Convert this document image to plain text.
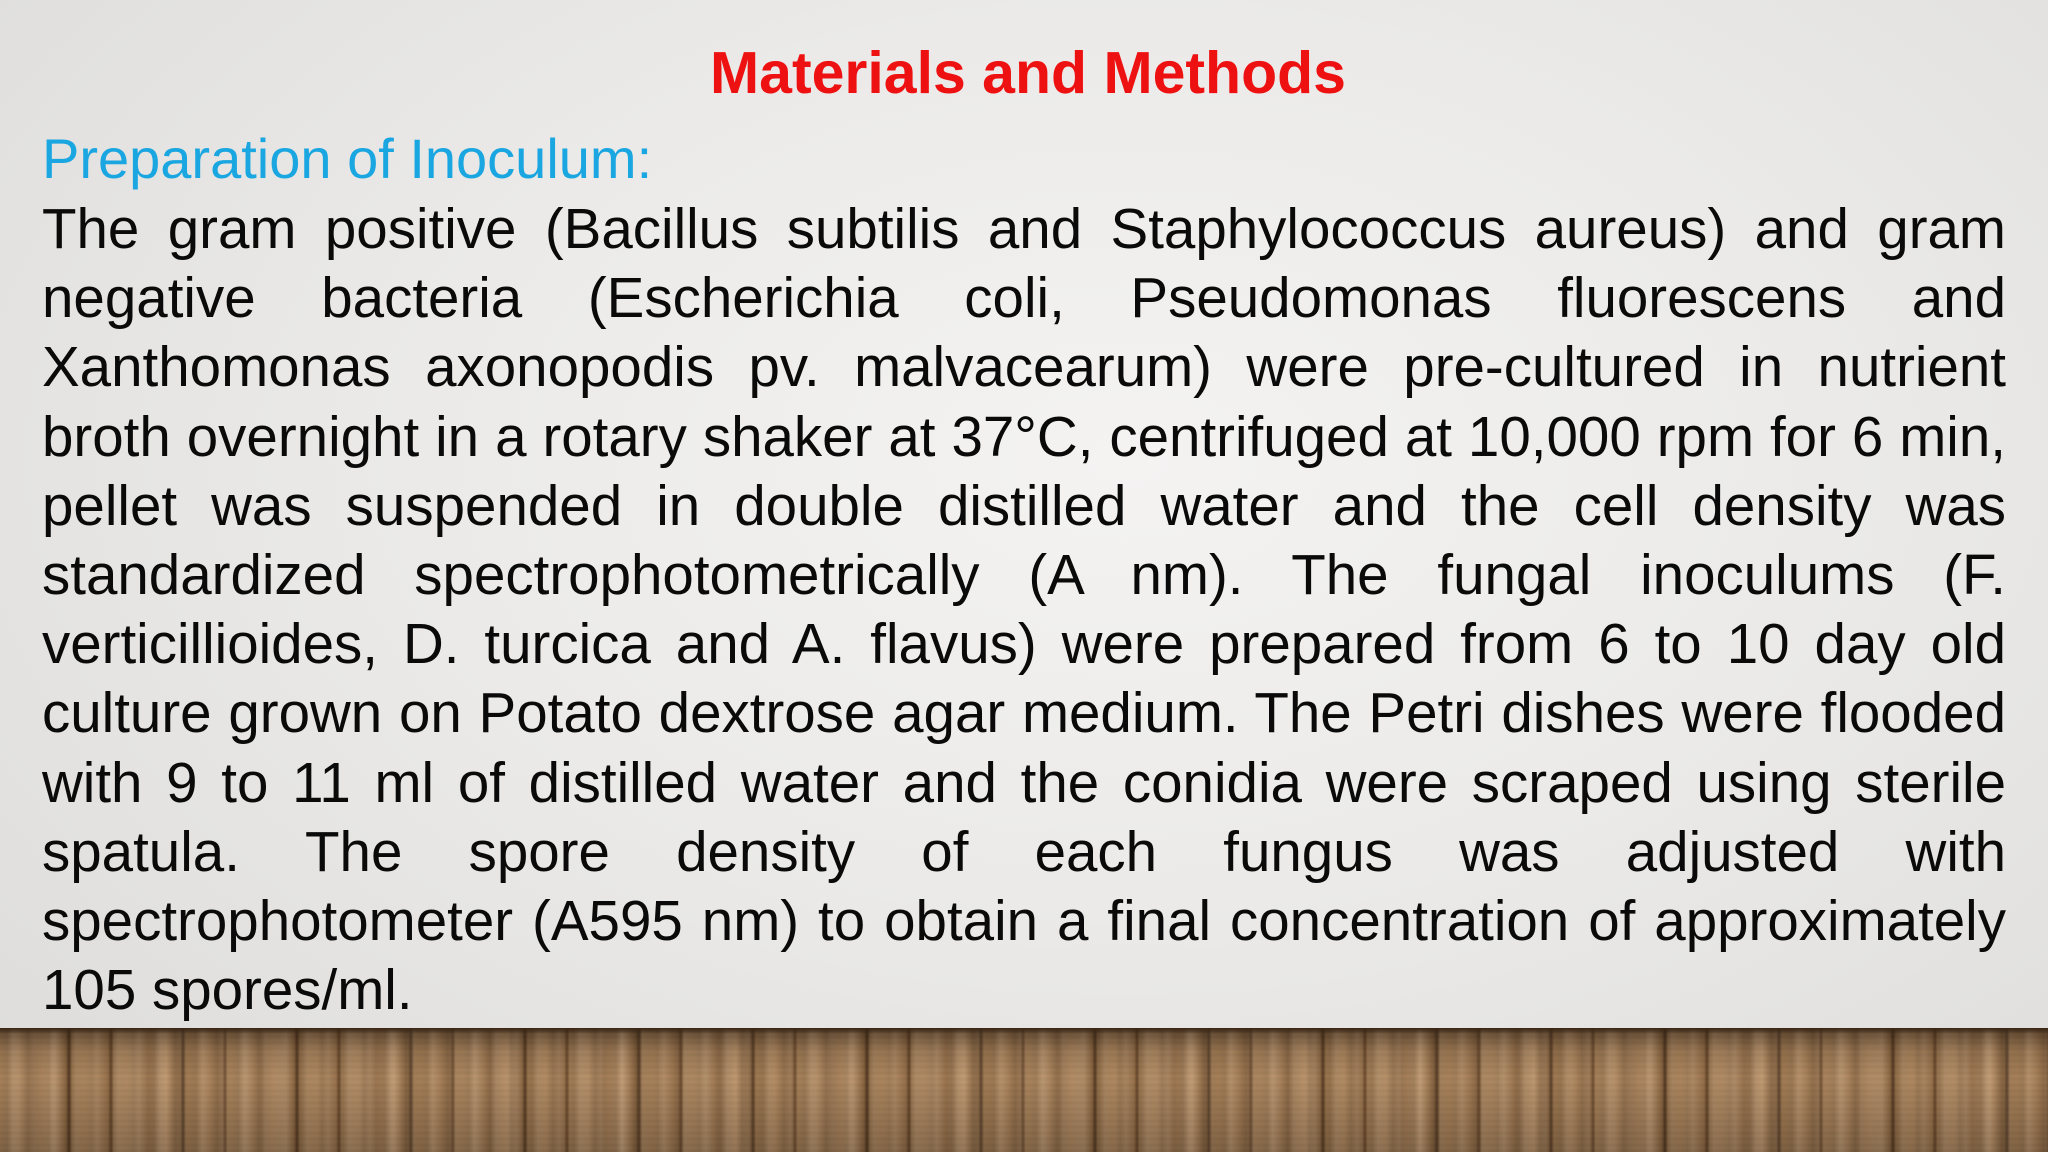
Materials and Methods
Preparation of Inoculum:

The gram positive (Bacillus subtilis and Staphylococcus aureus) and gram negative bacteria (Escherichia coli, Pseudomonas fluorescens and Xanthomonas axonopodis pv. malvacearum) were pre-cultured in nutrient broth overnight in a rotary shaker at 37°C, centrifuged at 10,000 rpm for 6 min, pellet was suspended in double distilled water and the cell density was standardized spectrophotometrically (A nm). The fungal inoculums (F. verticillioides, D. turcica and A. flavus) were prepared from 6 to 10 day old culture grown on Potato dextrose agar medium. The Petri dishes were flooded with 9 to 11 ml of distilled water and the conidia were scraped using sterile spatula. The spore density of each fungus was adjusted with spectrophotometer (A595 nm) to obtain a final concentration of approximately 105 spores/ml.
